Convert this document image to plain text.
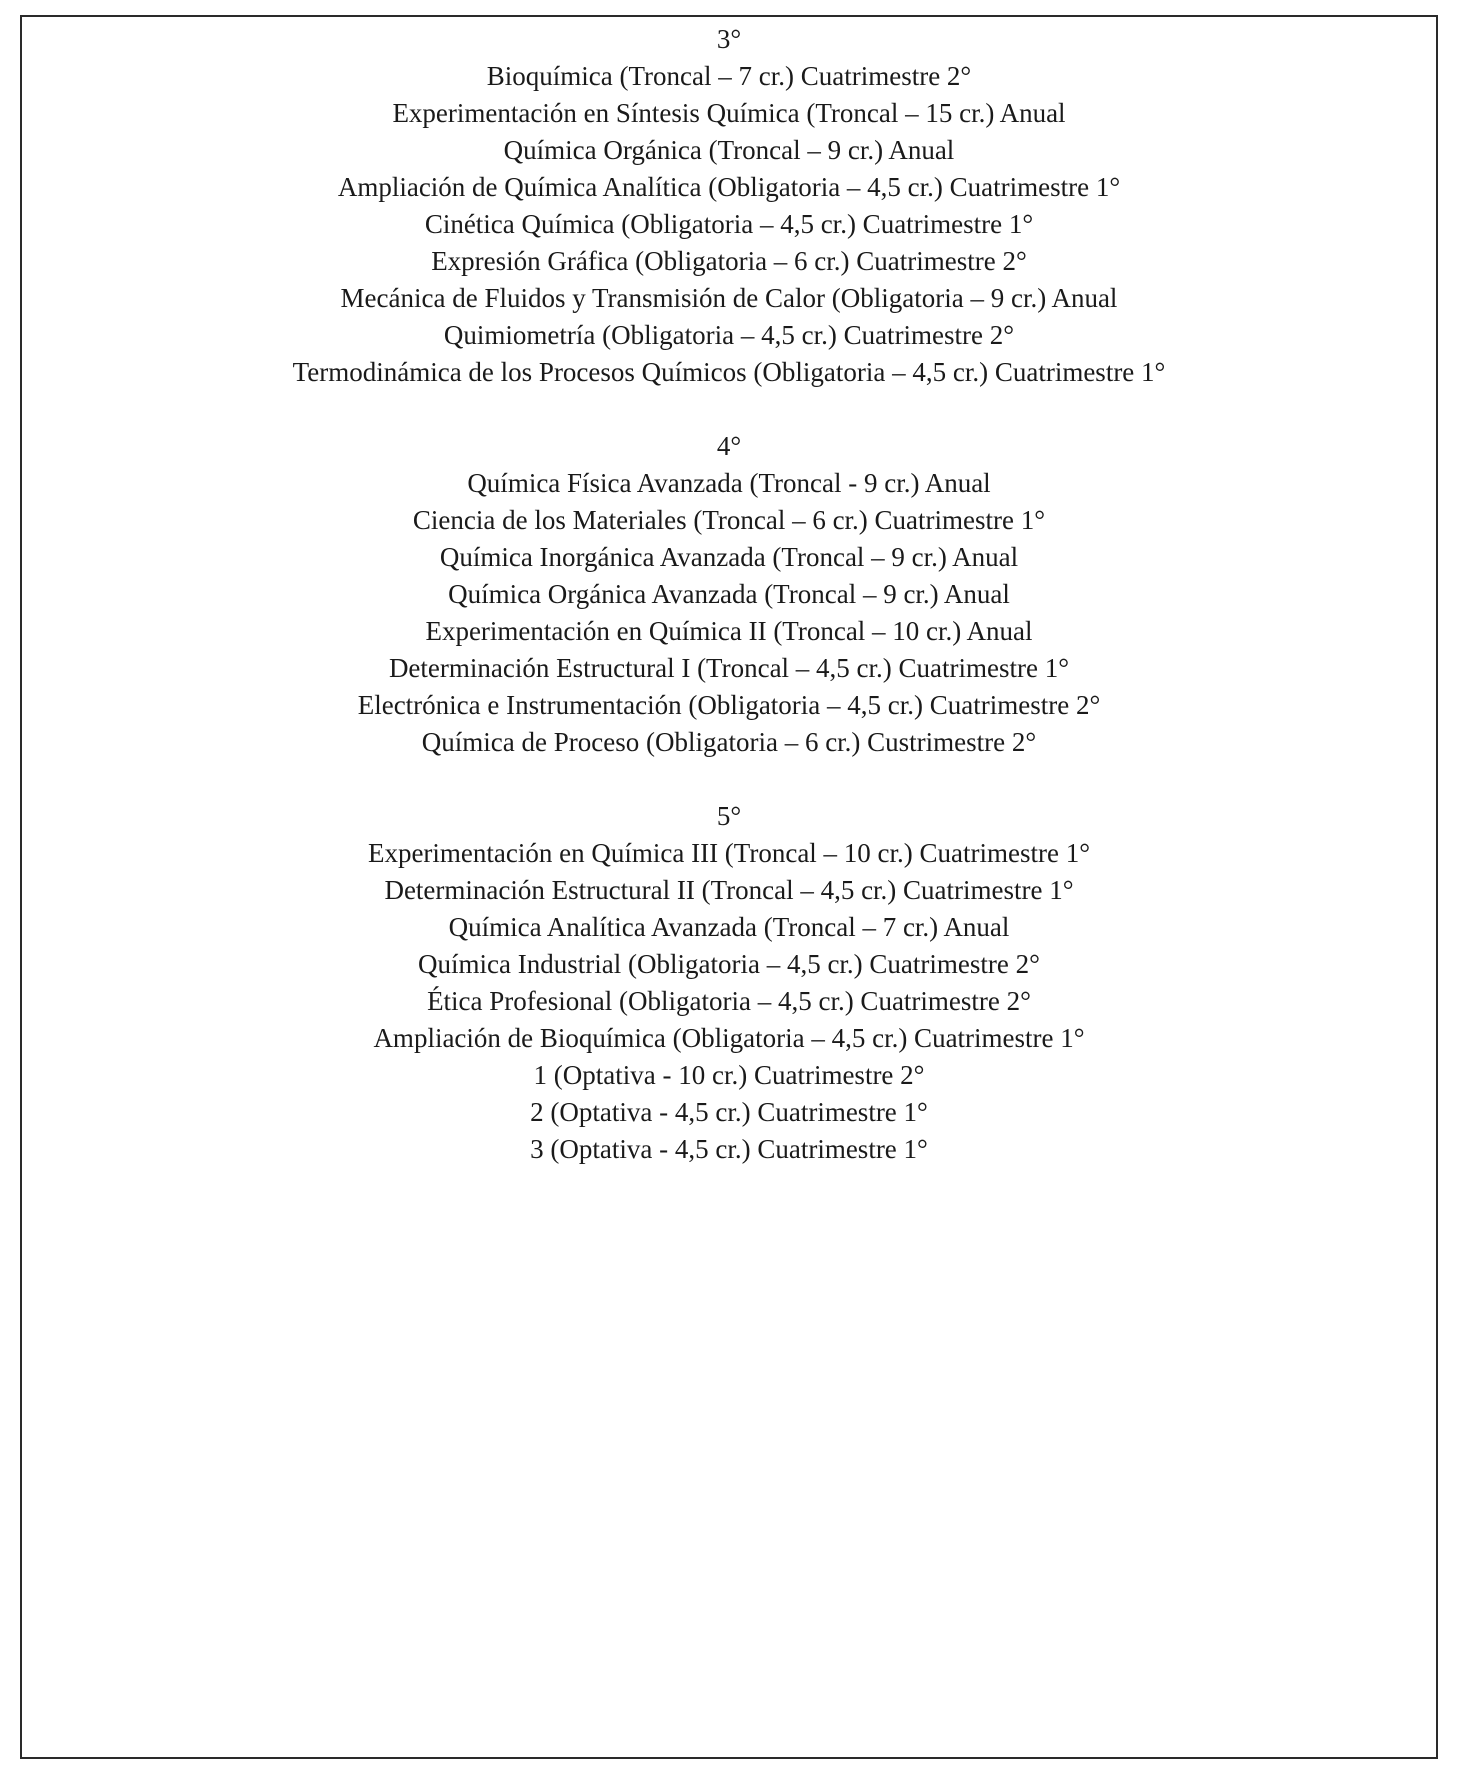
3°
Bioquímica (Troncal – 7 cr.) Cuatrimestre 2°
Experimentación en Síntesis Química (Troncal – 15 cr.) Anual
Química Orgánica (Troncal – 9 cr.) Anual
Ampliación de Química Analítica (Obligatoria – 4,5 cr.) Cuatrimestre 1°
Cinética Química (Obligatoria – 4,5 cr.) Cuatrimestre 1°
Expresión Gráfica (Obligatoria – 6 cr.) Cuatrimestre 2°
Mecánica de Fluidos y Transmisión de Calor (Obligatoria – 9 cr.) Anual
Quimiometría (Obligatoria – 4,5 cr.) Cuatrimestre 2°
Termodinámica de los Procesos Químicos (Obligatoria – 4,5 cr.) Cuatrimestre 1°
4°
Química Física Avanzada (Troncal - 9 cr.) Anual
Ciencia de los Materiales (Troncal – 6 cr.) Cuatrimestre 1°
Química Inorgánica Avanzada (Troncal – 9 cr.) Anual
Química Orgánica Avanzada (Troncal – 9 cr.) Anual
Experimentación en Química II (Troncal – 10 cr.) Anual
Determinación Estructural I (Troncal – 4,5 cr.) Cuatrimestre 1°
Electrónica e Instrumentación (Obligatoria – 4,5 cr.) Cuatrimestre 2°
Química de Proceso (Obligatoria – 6 cr.) Custrimestre 2°
5°
Experimentación en Química III (Troncal – 10 cr.) Cuatrimestre 1°
Determinación Estructural II (Troncal – 4,5 cr.) Cuatrimestre 1°
Química Analítica Avanzada (Troncal – 7 cr.) Anual
Química Industrial (Obligatoria – 4,5 cr.) Cuatrimestre 2°
Ética Profesional (Obligatoria – 4,5 cr.) Cuatrimestre 2°
Ampliación de Bioquímica (Obligatoria – 4,5 cr.) Cuatrimestre 1°
1 (Optativa - 10 cr.) Cuatrimestre 2°
2 (Optativa - 4,5 cr.) Cuatrimestre 1°
3 (Optativa - 4,5 cr.) Cuatrimestre 1°
